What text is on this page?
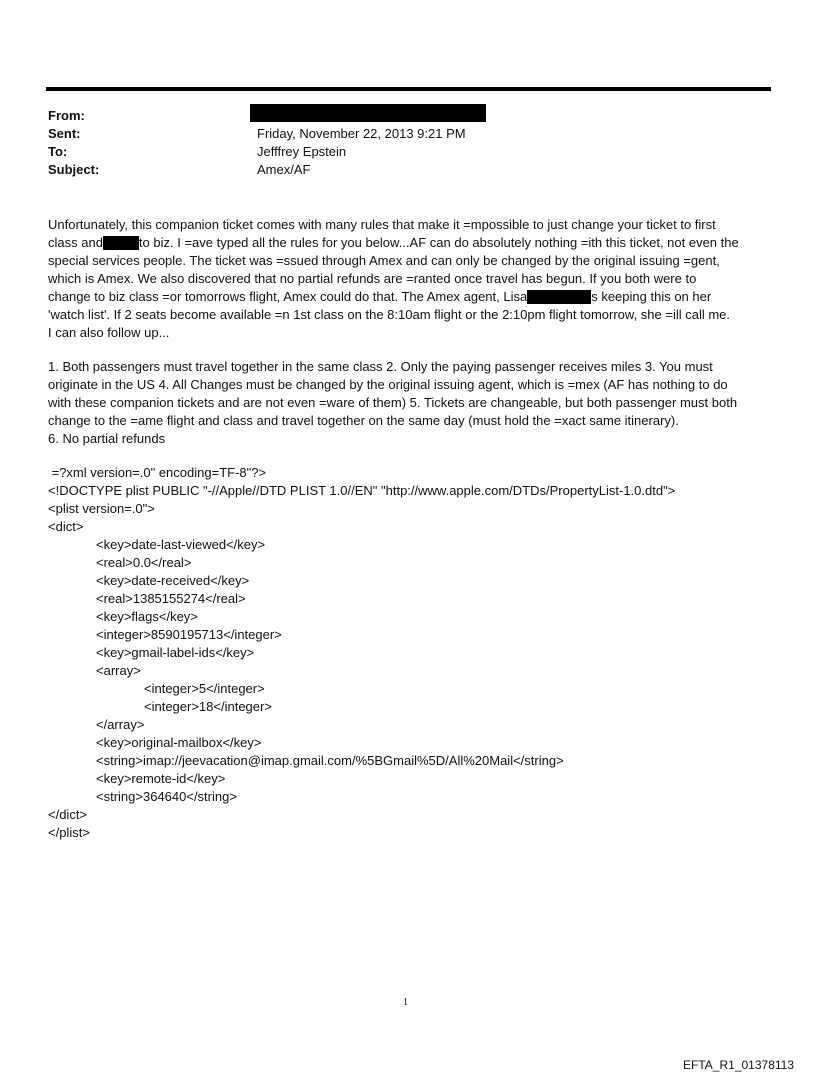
From:
Sent:	Friday, November 22, 2013 9:21 PM
To:	Jefffrey Epstein
Subject:	Amex/AF
Unfortunately, this companion ticket comes with many rules that make it =mpossible to just change your ticket to first
class and	to biz. I =ave typed all the rules for you below...AF can do absolutely nothing =ith this ticket, not even the
special services people. The ticket was =ssued through Amex and can only be changed by the original issuing =gent,
which is Amex. We also discovered that no partial refunds are =ranted once travel has begun. If you both were to
change to biz class =or tomorrows flight, Amex could do that. The Amex agent, Lisa	s keeping this on her
'watch list'. If 2 seats become available =n 1st class on the 8:10am flight or the 2:10pm flight tomorrow, she =ill call me.
I can also follow up...
1. Both passengers must travel together in the same class 2. Only the paying passenger receives miles 3. You must
originate in the US 4. All Changes must be changed by the original issuing agent, which is =mex (AF has nothing to do
with these companion tickets and are not even =ware of them) 5. Tickets are changeable, but both passenger must both
change to the =ame flight and class and travel together on the same day (must hold the =xact same itinerary).
6. No partial refunds
=?xml version=.0" encoding=TF-8"?>
<!DOCTYPE plist PUBLIC "-//Apple//DTD PLIST 1.0//EN" "http://www.apple.com/DTDs/PropertyList-1.0.dtd">
<plist version=.0">
<dict>
<key>date-last-viewed</key>
<real>0.0</real>
<key>date-received</key>
<real>1385155274</real>
<key>flags</key>
<integer>8590195713</integer>
<key>gmail-label-ids</key>
<array>
<integer>5</integer>
<integer>18</integer>
</array>
<key>original-mailbox</key>
<string>imap://jeevacation@imap.gmail.com/%5BGmail%5D/All%20Mail</string>
<key>remote-id</key>
<string>364640</string>
</dict>
</plist>
1
EFTA_R1_01378113
